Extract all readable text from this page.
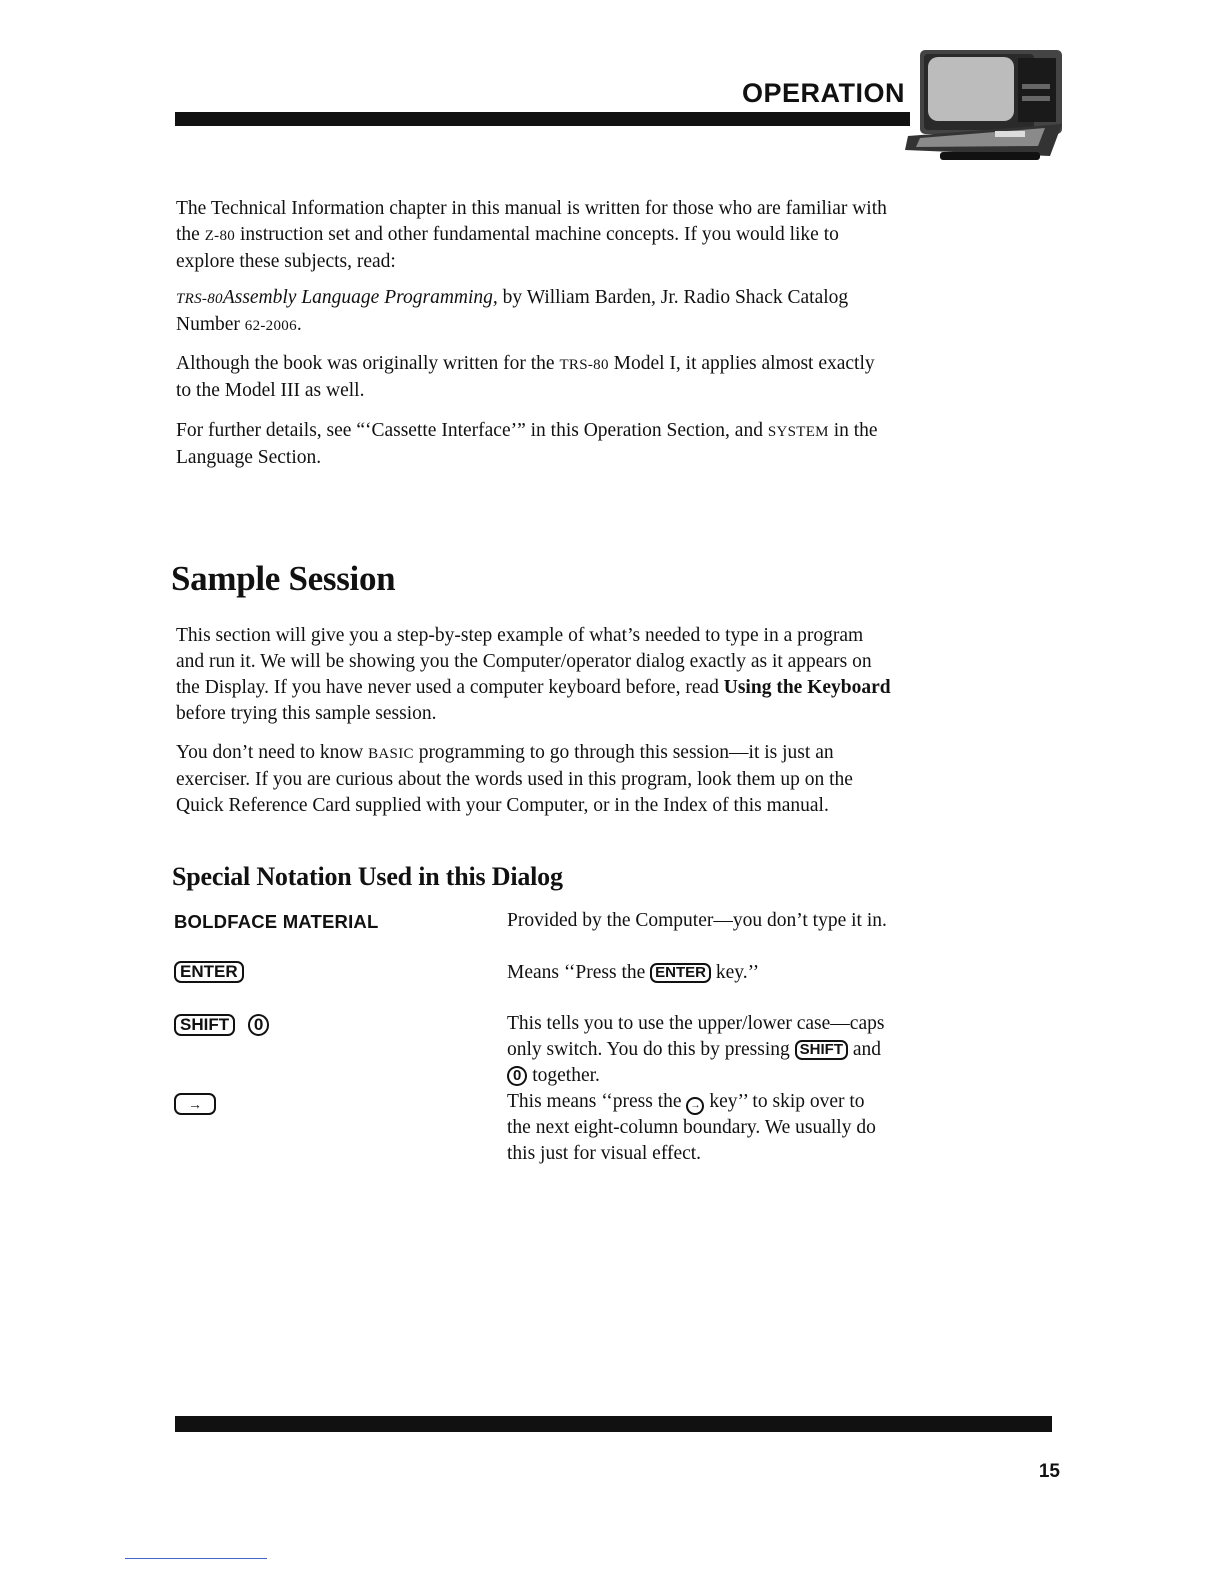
OPERATION

The Technical Information chapter in this manual is written for those who are familiar with the Z-80 instruction set and other fundamental machine concepts. If you would like to explore these subjects, read:

TRS-80Assembly Language Programming, by William Barden, Jr. Radio Shack Catalog Number 62-2006.

Although the book was originally written for the TRS-80 Model I, it applies almost exactly to the Model III as well.

For further details, see “‘Cassette Interface’” in this Operation Section, and SYSTEM in the Language Section.

Sample Session

This section will give you a step-by-step example of what’s needed to type in a program and run it. We will be showing you the Computer/operator dialog exactly as it appears on the Display. If you have never used a computer keyboard before, read Using the Keyboard before trying this sample session.

You don’t need to know BASIC programming to go through this session—it is just an exerciser. If you are curious about the words used in this program, look them up on the Quick Reference Card supplied with your Computer, or in the Index of this manual.

Special Notation Used in this Dialog
BOLDFACE MATERIAL	Provided by the Computer—you don’t type it in.

ENTER	Means ‘‘Press the ENTER key.’’

SHIFT 0	This tells you to use the upper/lower case—caps only switch. You do this by pressing SHIFT and 0 together.

→	This means ‘‘press the → key’’ to skip over to the next eight-column boundary. We usually do this just for visual effect.

15
